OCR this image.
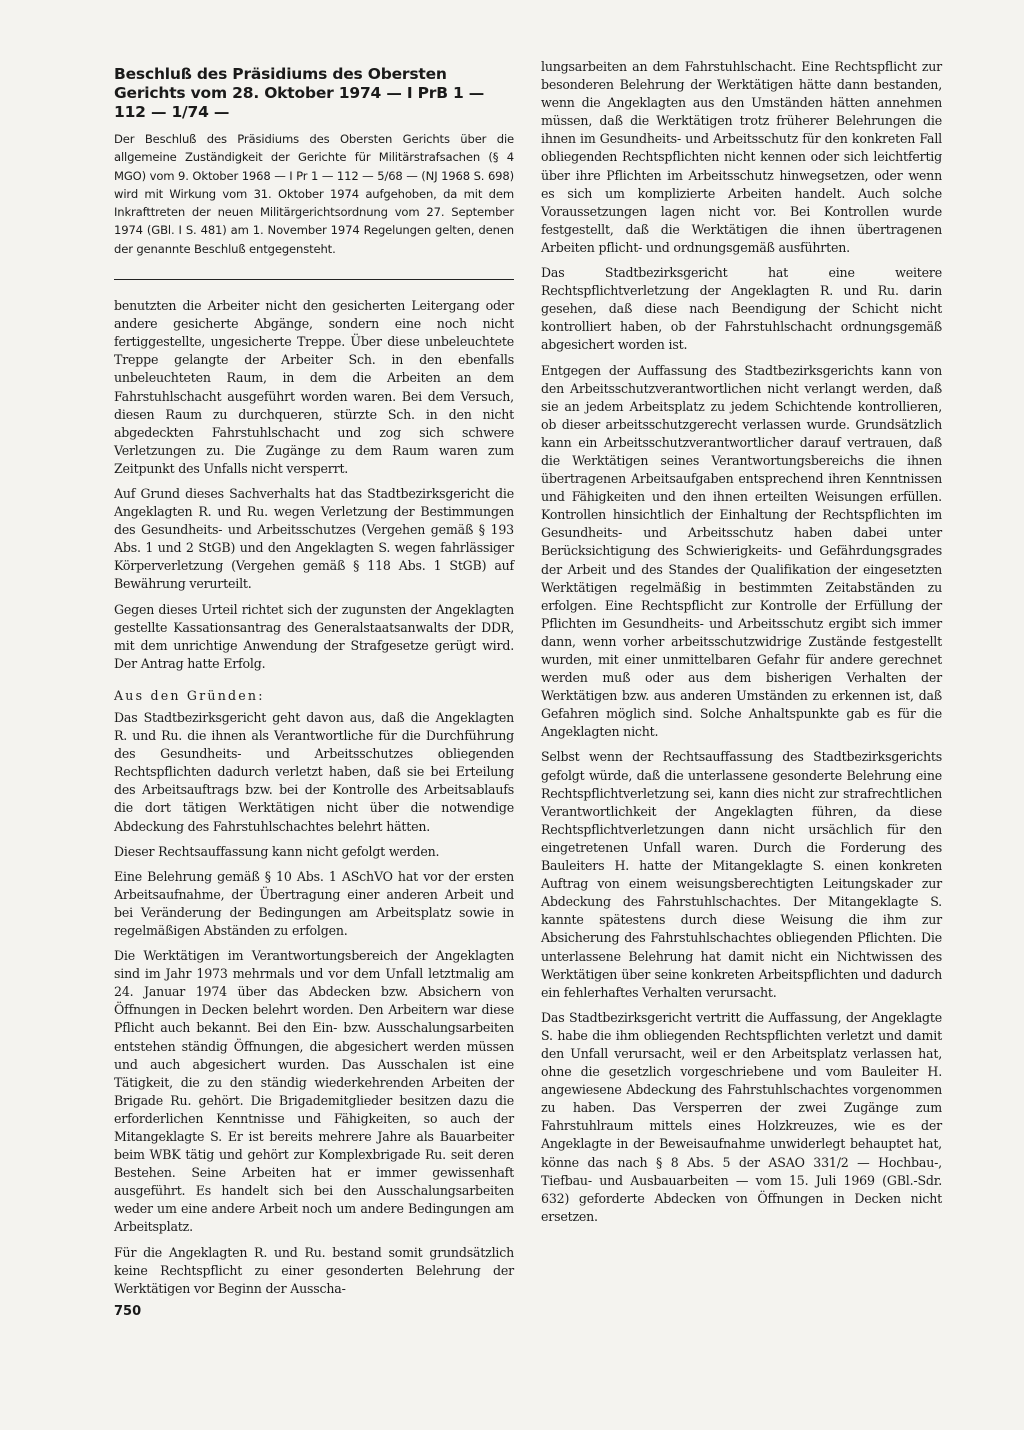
Beschluß des Präsidiums des Obersten Gerichts vom 28. Oktober 1974 — I PrB 1 — 112 — 1/74 —

Der Beschluß des Präsidiums des Obersten Gerichts über die allgemeine Zuständigkeit der Gerichte für Militärstrafsachen (§ 4 MGO) vom 9. Oktober 1968 — I Pr 1 — 112 — 5/68 — (NJ 1968 S. 698) wird mit Wirkung vom 31. Oktober 1974 aufgehoben, da mit dem Inkrafttreten der neuen Militärgerichtsordnung vom 27. September 1974 (GBl. I S. 481) am 1. November 1974 Regelungen gelten, denen der genannte Beschluß entgegensteht.

benutzten die Arbeiter nicht den gesicherten Leitergang oder andere gesicherte Abgänge, sondern eine noch nicht fertiggestellte, ungesicherte Treppe. Über diese unbeleuchtete Treppe gelangte der Arbeiter Sch. in den ebenfalls unbeleuchteten Raum, in dem die Arbeiten an dem Fahrstuhlschacht ausgeführt worden waren. Bei dem Versuch, diesen Raum zu durchqueren, stürzte Sch. in den nicht abgedeckten Fahrstuhlschacht und zog sich schwere Verletzungen zu. Die Zugänge zu dem Raum waren zum Zeitpunkt des Unfalls nicht versperrt.

Auf Grund dieses Sachverhalts hat das Stadtbezirksgericht die Angeklagten R. und Ru. wegen Verletzung der Bestimmungen des Gesundheits- und Arbeitsschutzes (Vergehen gemäß § 193 Abs. 1 und 2 StGB) und den Angeklagten S. wegen fahrlässiger Körperverletzung (Vergehen gemäß § 118 Abs. 1 StGB) auf Bewährung verurteilt.

Gegen dieses Urteil richtet sich der zugunsten der Angeklagten gestellte Kassationsantrag des Generalstaatsanwalts der DDR, mit dem unrichtige Anwendung der Strafgesetze gerügt wird. Der Antrag hatte Erfolg.

Aus den Gründen:

Das Stadtbezirksgericht geht davon aus, daß die Angeklagten R. und Ru. die ihnen als Verantwortliche für die Durchführung des Gesundheits- und Arbeitsschutzes obliegenden Rechtspflichten dadurch verletzt haben, daß sie bei Erteilung des Arbeitsauftrags bzw. bei der Kontrolle des Arbeitsablaufs die dort tätigen Werktätigen nicht über die notwendige Abdeckung des Fahrstuhlschachtes belehrt hätten.

Dieser Rechtsauffassung kann nicht gefolgt werden.

Eine Belehrung gemäß § 10 Abs. 1 ASchVO hat vor der ersten Arbeitsaufnahme, der Übertragung einer anderen Arbeit und bei Veränderung der Bedingungen am Arbeitsplatz sowie in regelmäßigen Abständen zu erfolgen.

Die Werktätigen im Verantwortungsbereich der Angeklagten sind im Jahr 1973 mehrmals und vor dem Unfall letztmalig am 24. Januar 1974 über das Abdecken bzw. Absichern von Öffnungen in Decken belehrt worden. Den Arbeitern war diese Pflicht auch bekannt. Bei den Ein- bzw. Ausschalungsarbeiten entstehen ständig Öffnungen, die abgesichert werden müssen und auch abgesichert wurden. Das Ausschalen ist eine Tätigkeit, die zu den ständig wiederkehrenden Arbeiten der Brigade Ru. gehört. Die Brigademitglieder besitzen dazu die erforderlichen Kenntnisse und Fähigkeiten, so auch der Mitangeklagte S. Er ist bereits mehrere Jahre als Bauarbeiter beim WBK tätig und gehört zur Komplexbrigade Ru. seit deren Bestehen. Seine Arbeiten hat er immer gewissenhaft ausgeführt. Es handelt sich bei den Ausschalungsarbeiten weder um eine andere Arbeit noch um andere Bedingungen am Arbeitsplatz.

Für die Angeklagten R. und Ru. bestand somit grundsätzlich keine Rechtspflicht zu einer gesonderten Belehrung der Werktätigen vor Beginn der Ausscha-

lungsarbeiten an dem Fahrstuhlschacht. Eine Rechtspflicht zur besonderen Belehrung der Werktätigen hätte dann bestanden, wenn die Angeklagten aus den Umständen hätten annehmen müssen, daß die Werktätigen trotz früherer Belehrungen die ihnen im Gesundheits- und Arbeitsschutz für den konkreten Fall obliegenden Rechtspflichten nicht kennen oder sich leichtfertig über ihre Pflichten im Arbeitsschutz hinwegsetzen, oder wenn es sich um komplizierte Arbeiten handelt. Auch solche Voraussetzungen lagen nicht vor. Bei Kontrollen wurde festgestellt, daß die Werktätigen die ihnen übertragenen Arbeiten pflicht- und ordnungsgemäß ausführten.

Das Stadtbezirksgericht hat eine weitere Rechtspflichtverletzung der Angeklagten R. und Ru. darin gesehen, daß diese nach Beendigung der Schicht nicht kontrolliert haben, ob der Fahrstuhlschacht ordnungsgemäß abgesichert worden ist.

Entgegen der Auffassung des Stadtbezirksgerichts kann von den Arbeitsschutzverantwortlichen nicht verlangt werden, daß sie an jedem Arbeitsplatz zu jedem Schichtende kontrollieren, ob dieser arbeitsschutzgerecht verlassen wurde. Grundsätzlich kann ein Arbeitsschutzverantwortlicher darauf vertrauen, daß die Werktätigen seines Verantwortungsbereichs die ihnen übertragenen Arbeitsaufgaben entsprechend ihren Kenntnissen und Fähigkeiten und den ihnen erteilten Weisungen erfüllen. Kontrollen hinsichtlich der Einhaltung der Rechtspflichten im Gesundheits- und Arbeitsschutz haben dabei unter Berücksichtigung des Schwierigkeits- und Gefährdungsgrades der Arbeit und des Standes der Qualifikation der eingesetzten Werktätigen regelmäßig in bestimmten Zeitabständen zu erfolgen. Eine Rechtspflicht zur Kontrolle der Erfüllung der Pflichten im Gesundheits- und Arbeitsschutz ergibt sich immer dann, wenn vorher arbeitsschutzwidrige Zustände festgestellt wurden, mit einer unmittelbaren Gefahr für andere gerechnet werden muß oder aus dem bisherigen Verhalten der Werktätigen bzw. aus anderen Umständen zu erkennen ist, daß Gefahren möglich sind. Solche Anhaltspunkte gab es für die Angeklagten nicht.

Selbst wenn der Rechtsauffassung des Stadtbezirksgerichts gefolgt würde, daß die unterlassene gesonderte Belehrung eine Rechtspflichtverletzung sei, kann dies nicht zur strafrechtlichen Verantwortlichkeit der Angeklagten führen, da diese Rechtspflichtverletzungen dann nicht ursächlich für den eingetretenen Unfall waren. Durch die Forderung des Bauleiters H. hatte der Mitangeklagte S. einen konkreten Auftrag von einem weisungsberechtigten Leitungskader zur Abdeckung des Fahrstuhlschachtes. Der Mitangeklagte S. kannte spätestens durch diese Weisung die ihm zur Absicherung des Fahrstuhlschachtes obliegenden Pflichten. Die unterlassene Belehrung hat damit nicht ein Nichtwissen des Werktätigen über seine konkreten Arbeitspflichten und dadurch ein fehlerhaftes Verhalten verursacht.

Das Stadtbezirksgericht vertritt die Auffassung, der Angeklagte S. habe die ihm obliegenden Rechtspflichten verletzt und damit den Unfall verursacht, weil er den Arbeitsplatz verlassen hat, ohne die gesetzlich vorgeschriebene und vom Bauleiter H. angewiesene Abdeckung des Fahrstuhlschachtes vorgenommen zu haben. Das Versperren der zwei Zugänge zum Fahrstuhlraum mittels eines Holzkreuzes, wie es der Angeklagte in der Beweisaufnahme unwiderlegt behauptet hat, könne das nach § 8 Abs. 5 der ASAO 331/2 — Hochbau-, Tiefbau- und Ausbauarbeiten — vom 15. Juli 1969 (GBl.-Sdr. 632) geforderte Abdecken von Öffnungen in Decken nicht ersetzen.

750
